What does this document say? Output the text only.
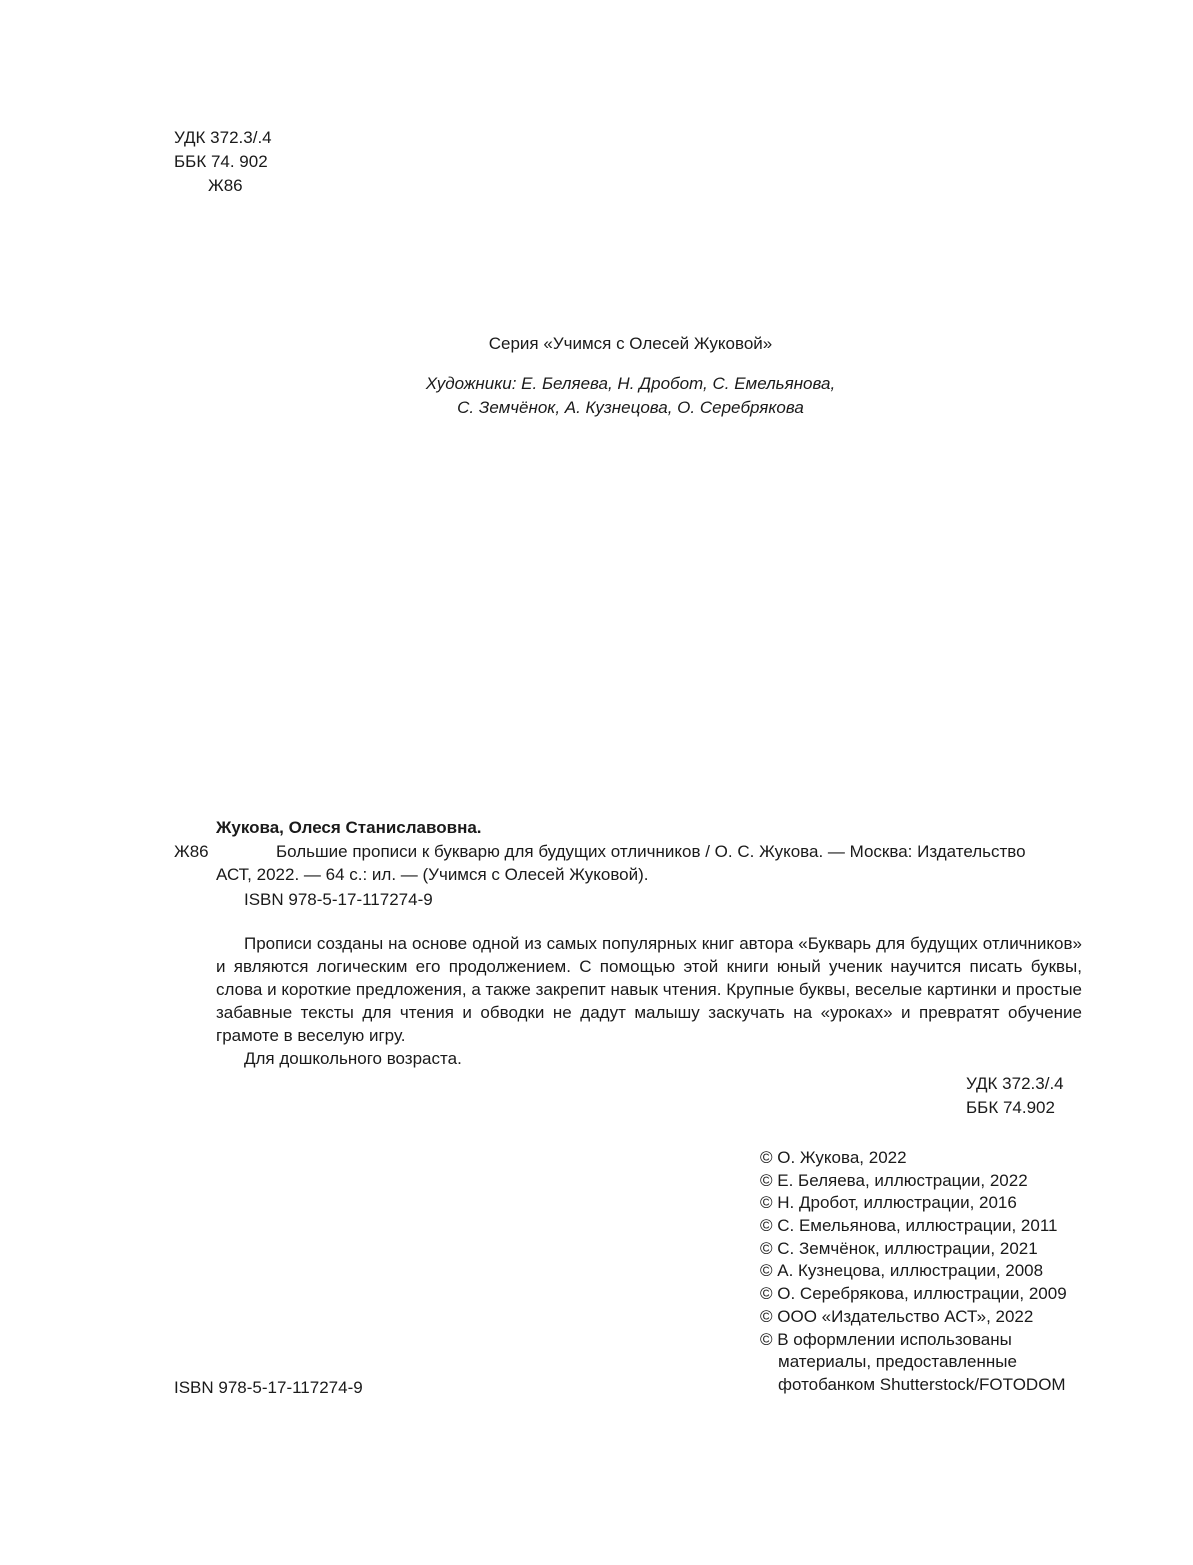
УДК 372.3/.4
ББК 74. 902
Ж86
Серия «Учимся с Олесей Жуковой»
Художники: Е. Беляева, Н. Дробот, С. Емельянова,
С. Земчёнок, А. Кузнецова, О. Серебрякова
Жукова, Олеся Станиславовна.
Ж86	Большие прописи к букварю для будущих отличников / О. С. Жукова. — Москва: Издательство
АСТ, 2022. — 64 с.: ил. — (Учимся с Олесей Жуковой).
ISBN 978-5-17-117274-9

Прописи созданы на основе одной из самых популярных книг автора «Букварь для будущих отличников» и являются логическим его продолжением. С помощью этой книги юный ученик научится писать буквы, слова и короткие предложения, а также закрепит навык чтения. Крупные буквы, веселые картинки и простые забавные тексты для чтения и обводки не дадут малышу заскучать на «уроках» и превратят обучение грамоте в веселую игру.

Для дошкольного возраста.

УДК 372.3/.4
ББК 74.902
© О. Жукова, 2022
© Е. Беляева, иллюстрации, 2022
© Н. Дробот, иллюстрации, 2016
© С. Емельянова, иллюстрации, 2011
© С. Земчёнок, иллюстрации, 2021
© А. Кузнецова, иллюстрации, 2008
© О. Серебрякова, иллюстрации, 2009
© ООО «Издательство АСТ», 2022
© В оформлении использованы
материалы, предоставленные
фотобанком Shutterstock/FOTODOM
ISBN 978-5-17-117274-9
